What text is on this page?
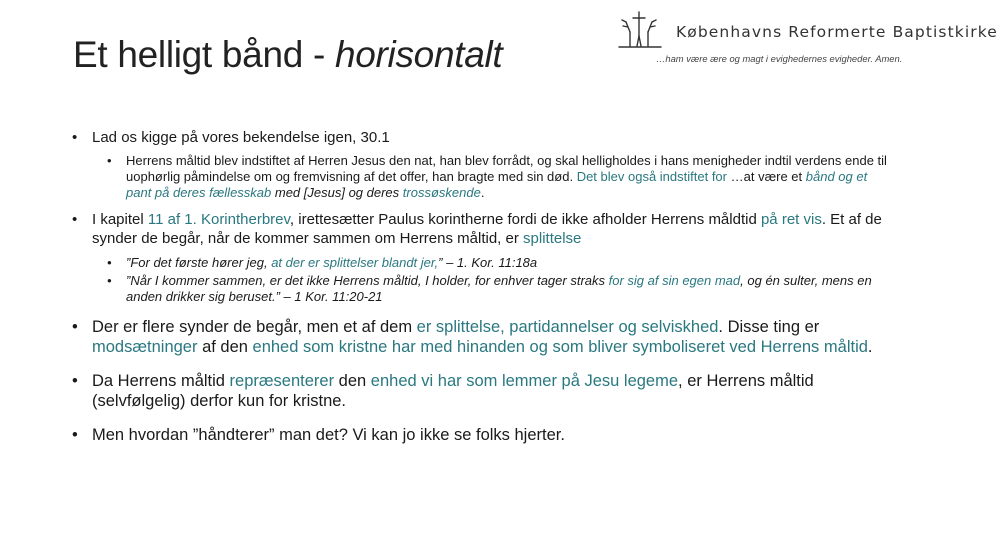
Et helligt bånd - horisontalt
Københavns Reformerte Baptistkirke
…ham være ære og magt i evighedernes evigheder. Amen.
• Lad os kigge på vores bekendelse igen, 30.1
• Herrens måltid blev indstiftet af Herren Jesus den nat, han blev forrådt, og skal helligholdes i hans menigheder indtil verdens ende til uophørlig påmindelse om og fremvisning af det offer, han bragte med sin død. Det blev også indstiftet for …at være et bånd og et pant på deres fællesskab med [Jesus] og deres trossøskende.
• I kapitel 11 af 1. Korintherbrev, irettesætter Paulus korintherne fordi de ikke afholder Herrens måldtid på ret vis. Et af de synder de begår, når de kommer sammen om Herrens måltid, er splittelse
• ”For det første hører jeg, at der er splittelser blandt jer,” – 1. Kor. 11:18a
• ”Når I kommer sammen, er det ikke Herrens måltid, I holder, for enhver tager straks for sig af sin egen mad, og én sulter, mens en anden drikker sig beruset.” – 1 Kor. 11:20-21
• Der er flere synder de begår, men et af dem er splittelse, partidannelser og selviskhed. Disse ting er modsætninger af den enhed som kristne har med hinanden og som bliver symboliseret ved Herrens måltid.
• Da Herrens måltid repræsenterer den enhed vi har som lemmer på Jesu legeme, er Herrens måltid (selvfølgelig) derfor kun for kristne.
• Men hvordan ”håndterer” man det? Vi kan jo ikke se folks hjerter.
